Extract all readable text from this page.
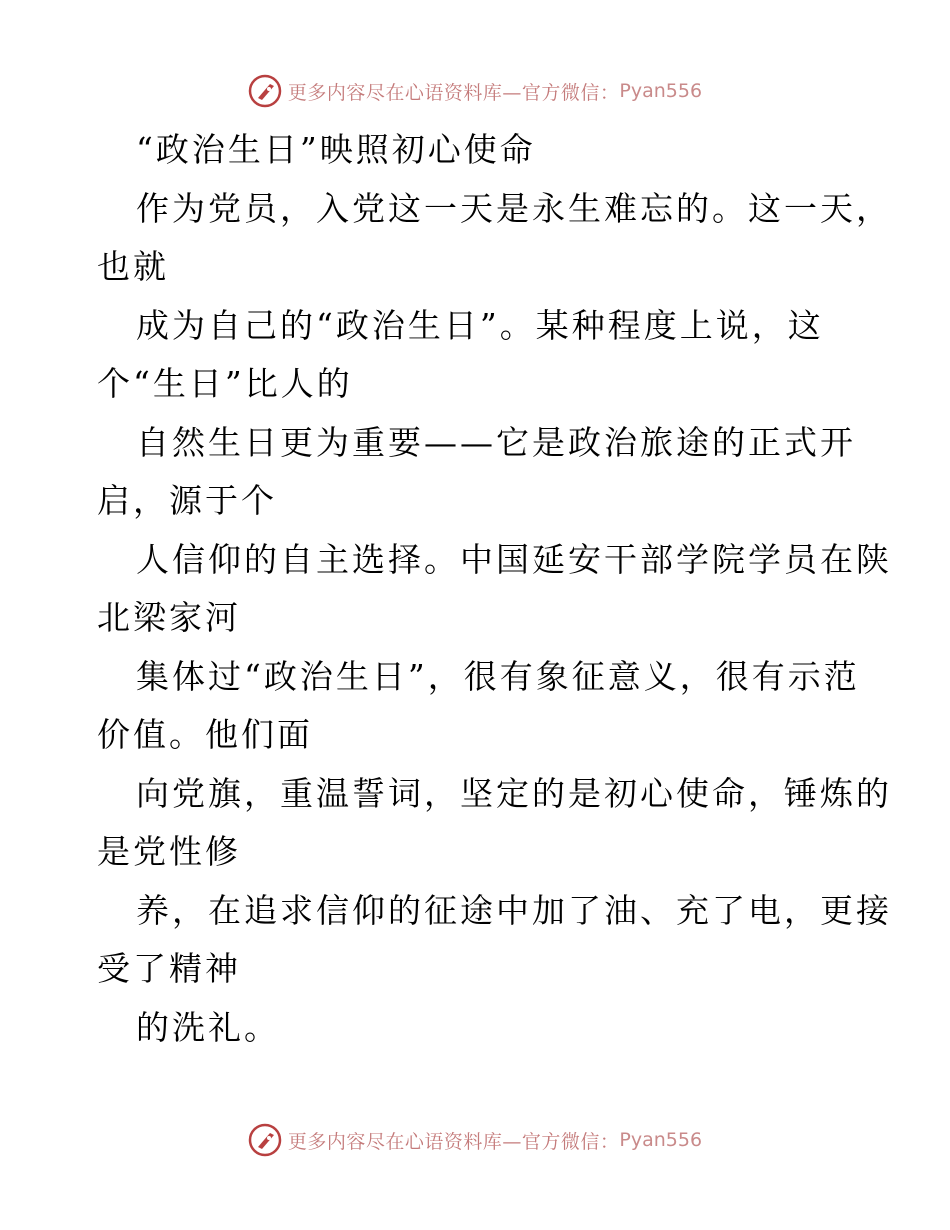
更多内容尽在心语资料库—官方微信： Pyan556
“政治生日”映照初心使命
作为党员，入党这一天是永生难忘的。这一天，
也就
成为自己的“政治生日”。某种程度上说，这
个“生日”比人的
自然生日更为重要——它是政治旅途的正式开
启，源于个
人信仰的自主选择。中国延安干部学院学员在陕
北梁家河
集体过“政治生日”，很有象征意义，很有示范
价值。他们面
向党旗，重温誓词，坚定的是初心使命，锤炼的
是党性修
养，在追求信仰的征途中加了油、充了电，更接
受了精神
的洗礼。
更多内容尽在心语资料库—官方微信： Pyan556
